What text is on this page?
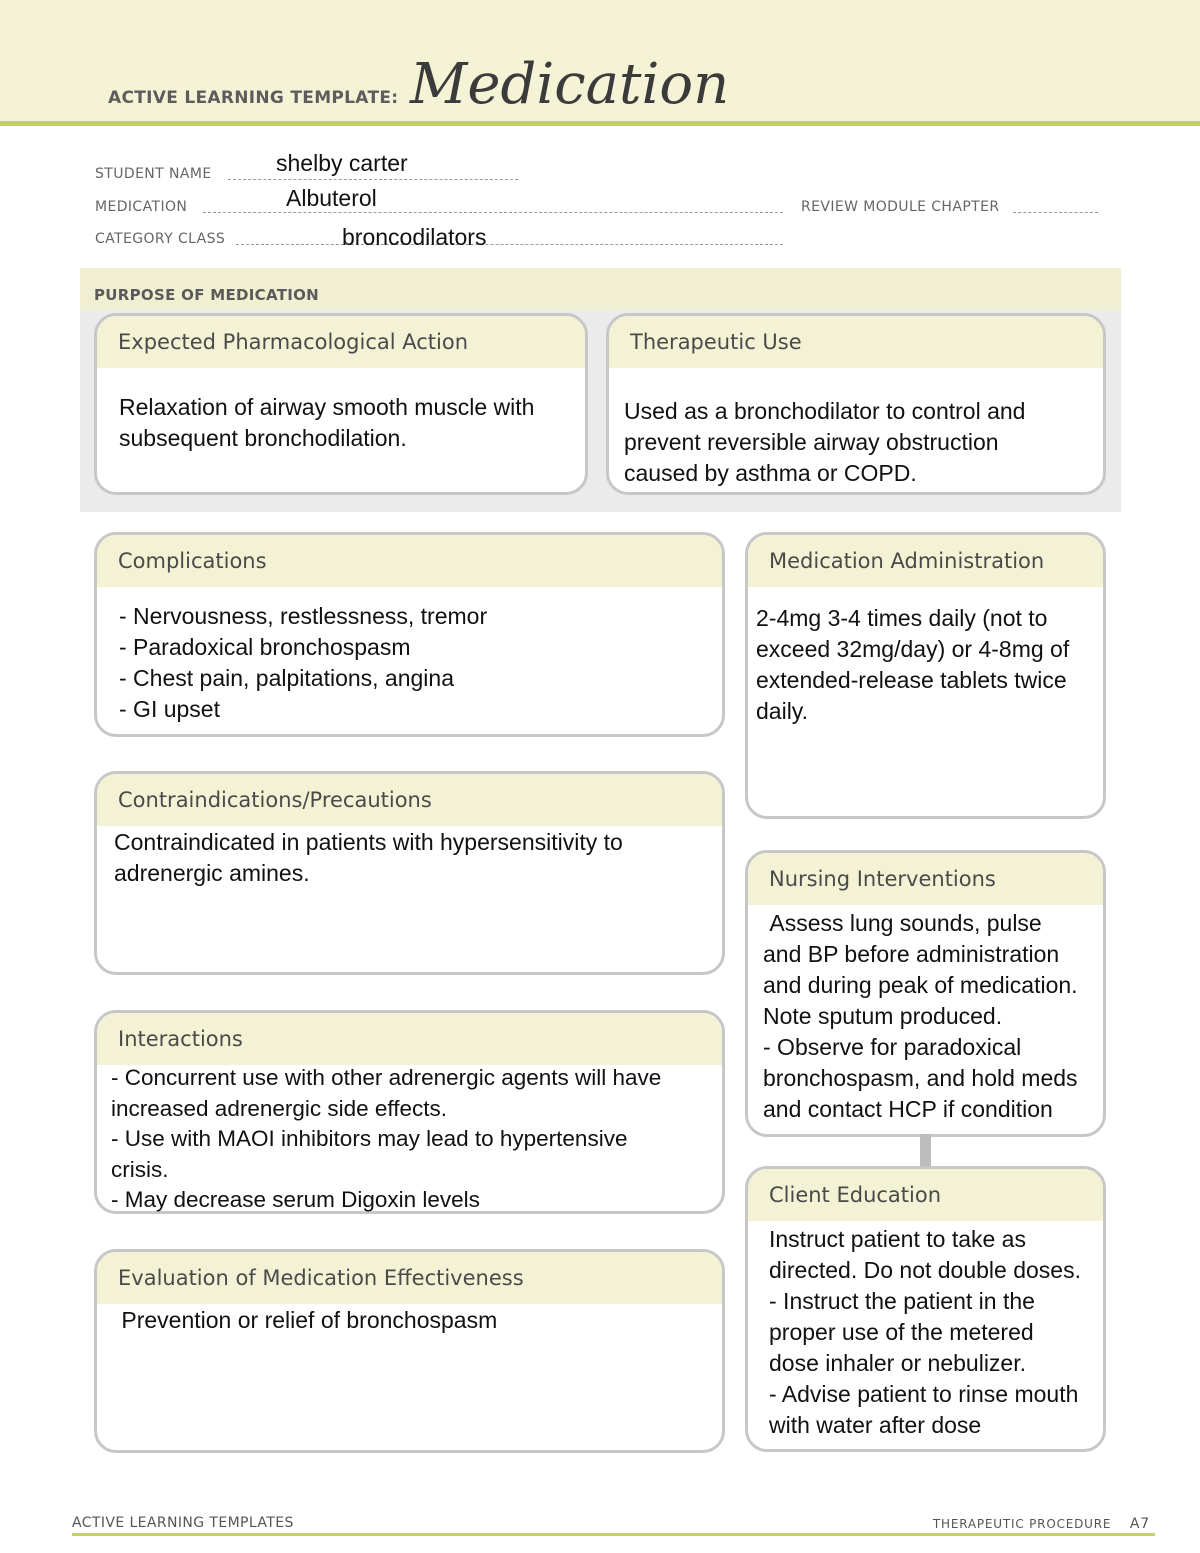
ACTIVE LEARNING TEMPLATE: Medication
STUDENT NAME	shelby carter
MEDICATION	Albuterol	REVIEW MODULE CHAPTER
CATEGORY CLASS	broncodilators
PURPOSE OF MEDICATION
Expected Pharmacological Action
Relaxation of airway smooth muscle with
subsequent bronchodilation.
Therapeutic Use
Used as a bronchodilator to control and
prevent reversible airway obstruction
caused by asthma or COPD.
Complications
- Nervousness, restlessness, tremor
- Paradoxical bronchospasm
- Chest pain, palpitations, angina
- GI upset
Medication Administration
2-4mg 3-4 times daily (not to
exceed 32mg/day) or 4-8mg of
extended-release tablets twice
daily.
Contraindications/Precautions
Contraindicated in patients with hypersensitivity to
adrenergic amines.	Nursing Interventions
Assess lung sounds, pulse
and BP before administration
and during peak of medication.
Note sputum produced.
- Observe for paradoxical
bronchospasm, and hold meds
and contact HCP if condition
Interactions
- Concurrent use with other adrenergic agents will have
increased adrenergic side effects.
- Use with MAOI inhibitors may lead to hypertensive
crisis.
- May decrease serum Digoxin levels	Client Education
Instruct patient to take as
directed. Do not double doses.
- Instruct the patient in the
proper use of the metered
dose inhaler or nebulizer.
- Advise patient to rinse mouth
with water after dose
Evaluation of Medication Effectiveness
Prevention or relief of bronchospasm
ACTIVE LEARNING TEMPLATES	THERAPEUTIC PROCEDURE A7
